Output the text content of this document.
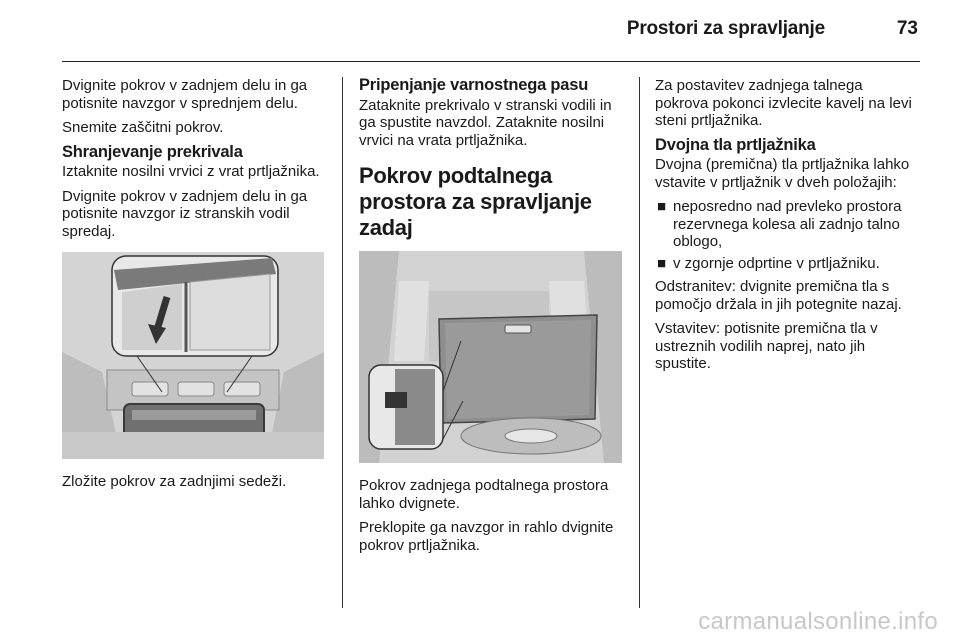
Prostori za spravljanje	73

Dvignite pokrov v zadnjem delu in ga potisnite navzgor v sprednjem delu.

Snemite zaščitni pokrov.

Shranjevanje prekrivala

Iztaknite nosilni vrvici z vrat prtljažnika.

Dvignite pokrov v zadnjem delu in ga potisnite navzgor iz stranskih vodil spredaj.

Zložite pokrov za zadnjimi sedeži.

Pripenjanje varnostnega pasu

Zataknite prekrivalo v stranski vodili in ga spustite navzdol. Zataknite nosilni vrvici na vrata prtljažnika.

Pokrov podtalnega prostora za spravljanje zadaj

Pokrov zadnjega podtalnega prostora lahko dvignete.

Preklopite ga navzgor in rahlo dvignite pokrov prtljažnika.

Za postavitev zadnjega talnega pokrova pokonci izvlecite kavelj na levi steni prtljažnika.

Dvojna tla prtljažnika

Dvojna (premična) tla prtljažnika lahko vstavite v prtljažnik v dveh položajih:

■ neposredno nad prevleko prostora rezervnega kolesa ali zadnjo talno oblogo,
■ v zgornje odprtine v prtljažniku.

Odstranitev: dvignite premična tla s pomočjo držala in jih potegnite nazaj.

Vstavitev: potisnite premična tla v ustreznih vodilih naprej, nato jih spustite.

carmanualsonline.info
